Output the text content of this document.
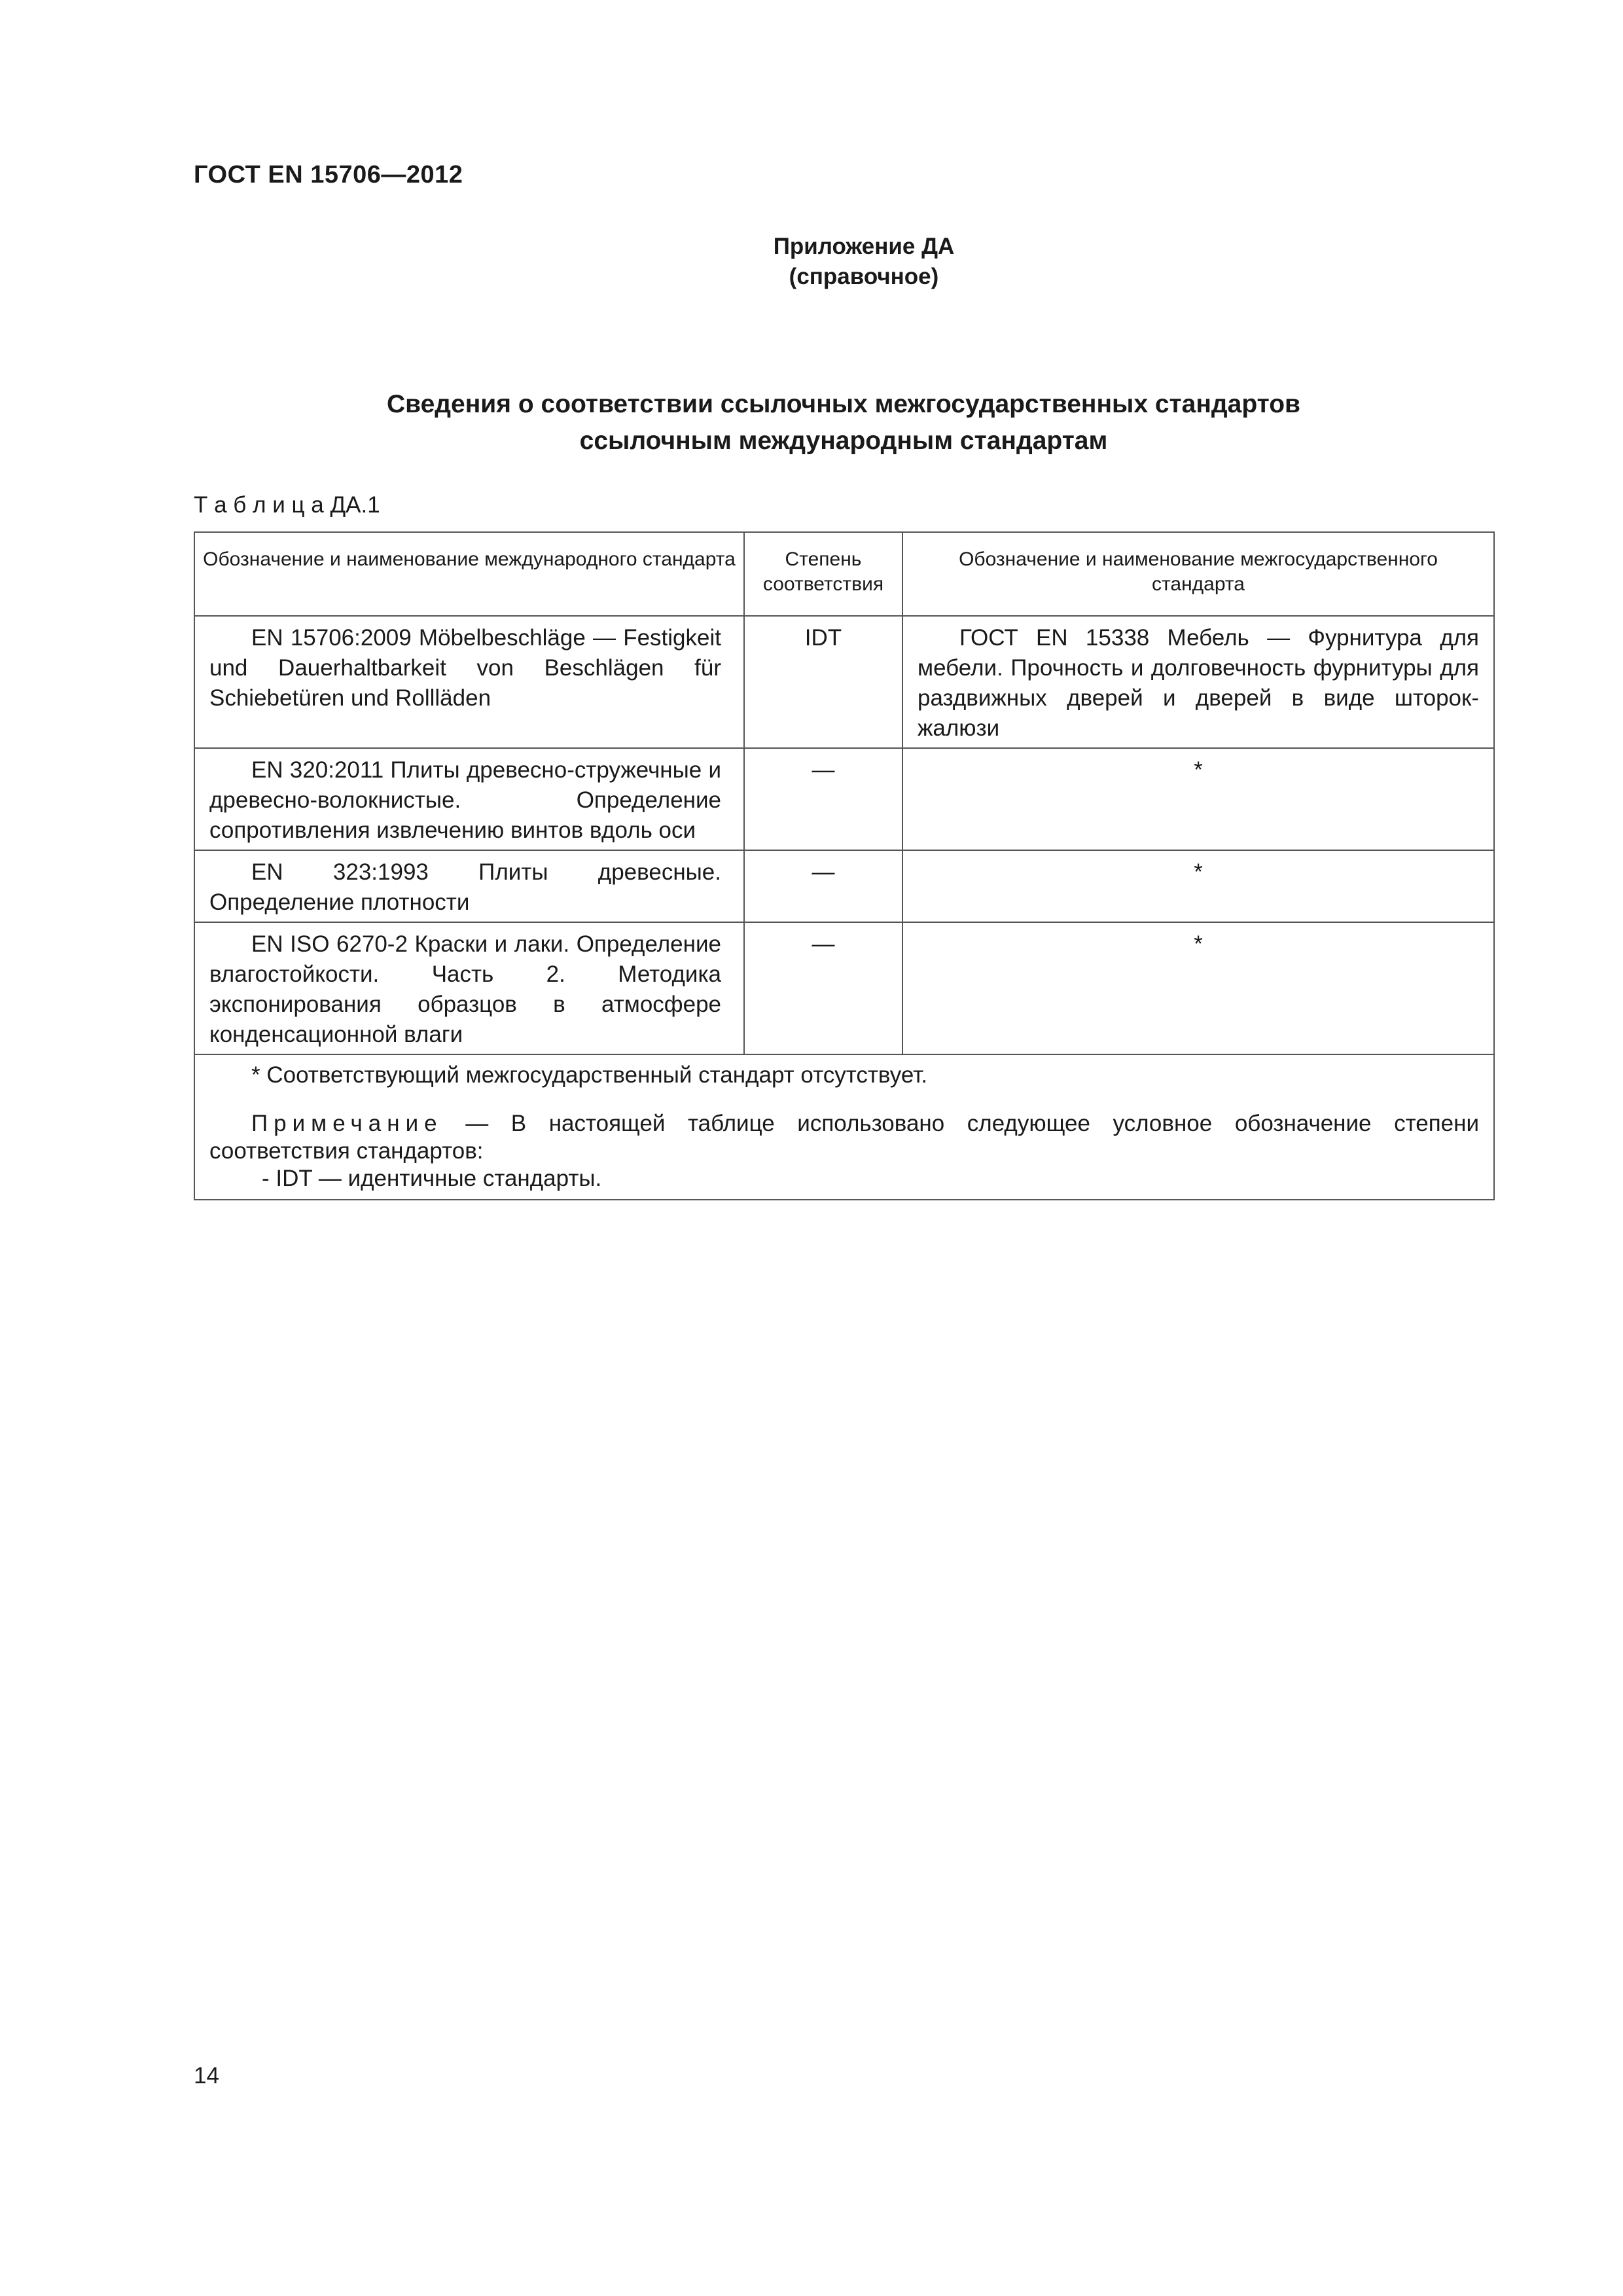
ГОСТ EN 15706—2012
Приложение ДА
(справочное)
Сведения о соответствии ссылочных межгосударственных стандартов
ссылочным международным стандартам
Т а б л и ц а ДА.1
Обозначение и наименование международного стандарта	Степень соответствия	Обозначение и наименование межгосударственного стандарта

EN 15706:2009 Möbelbeschläge — Festigkeit und Dauerhaltbarkeit von Beschlägen für Schiebetüren und Rollläden	IDT	ГОСТ EN 15338 Мебель — Фурнитура для мебели. Прочность и долговечность фурнитуры для раздвижных дверей и дверей в виде шторок-жалюзи
EN 320:2011 Плиты древесно-стружечные и древесно-волокнистые. Определение сопротивления извлечению винтов вдоль оси	—	*
EN 323:1993 Плиты древесные. Определение плотности	—	*
EN ISO 6270-2 Краски и лаки. Определение влагостойкости. Часть 2. Методика экспонирования образцов в атмосфере конденсационной влаги	—	*

* Соответствующий межгосударственный стандарт отсутствует.
Примечание — В настоящей таблице использовано следующее условное обозначение степени соответствия стандартов:
- IDT — идентичные стандарты.		
14
